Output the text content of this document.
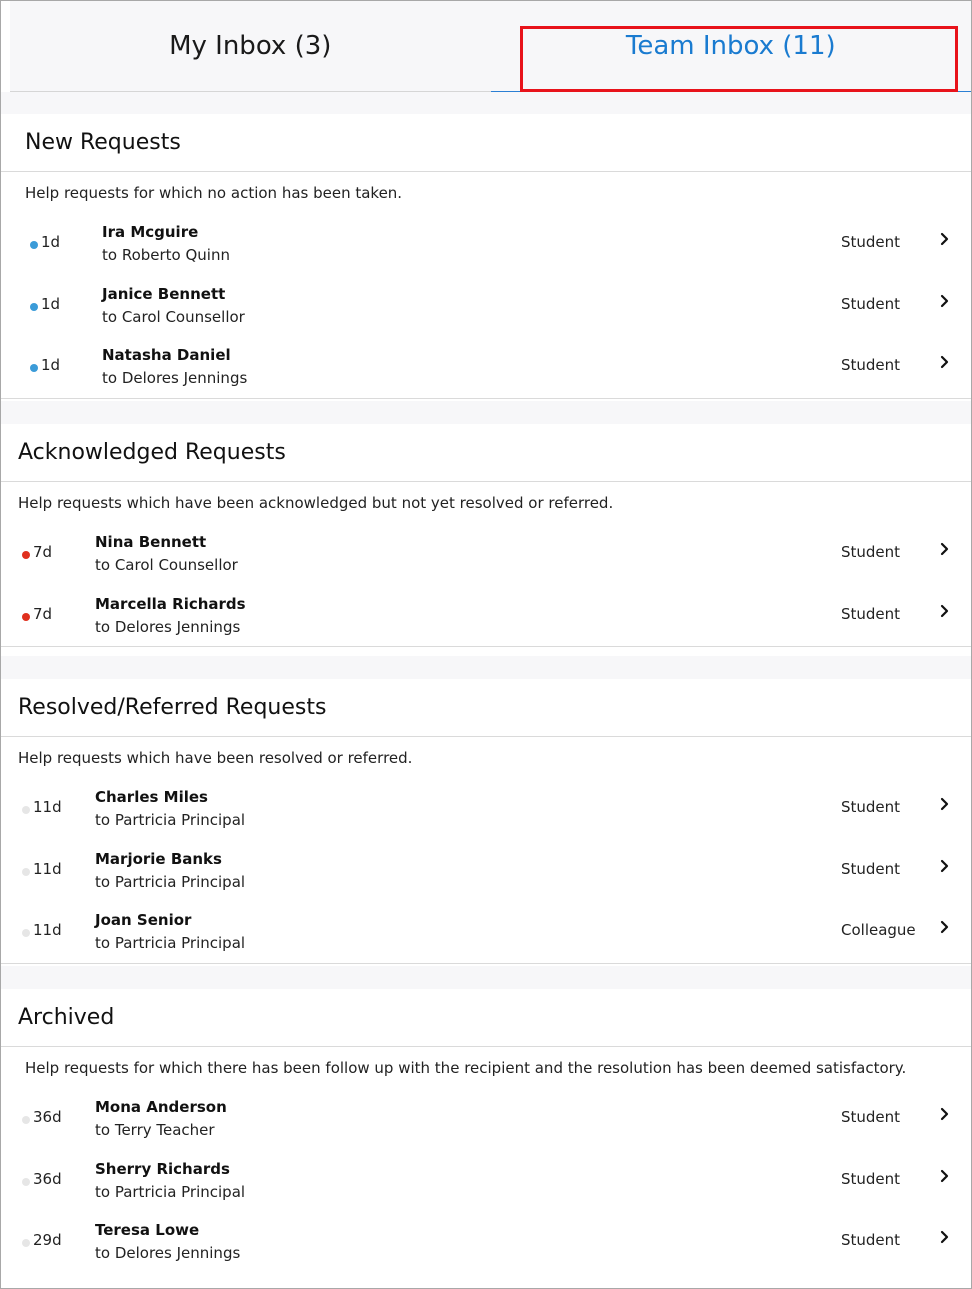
My Inbox (3)	Team Inbox (11)
New Requests
Help requests for which no action has been taken.
1d
Ira Mcguire
to Roberto Quinn
Student
1d
Janice Bennett
to Carol Counsellor
Student
1d
Natasha Daniel
to Delores Jennings
Student
Acknowledged Requests
Help requests which have been acknowledged but not yet resolved or referred.
7d
Nina Bennett
to Carol Counsellor
Student
7d
Marcella Richards
to Delores Jennings
Student
Resolved/Referred Requests
Help requests which have been resolved or referred.
11d
Charles Miles
to Partricia Principal
Student
11d
Marjorie Banks
to Partricia Principal
Student
11d
Joan Senior
to Partricia Principal
Colleague
Archived
Help requests for which there has been follow up with the recipient and the resolution has been deemed satisfactory.
36d
Mona Anderson
to Terry Teacher
Student
36d
Sherry Richards
to Partricia Principal
Student
29d
Teresa Lowe
to Delores Jennings
Student
